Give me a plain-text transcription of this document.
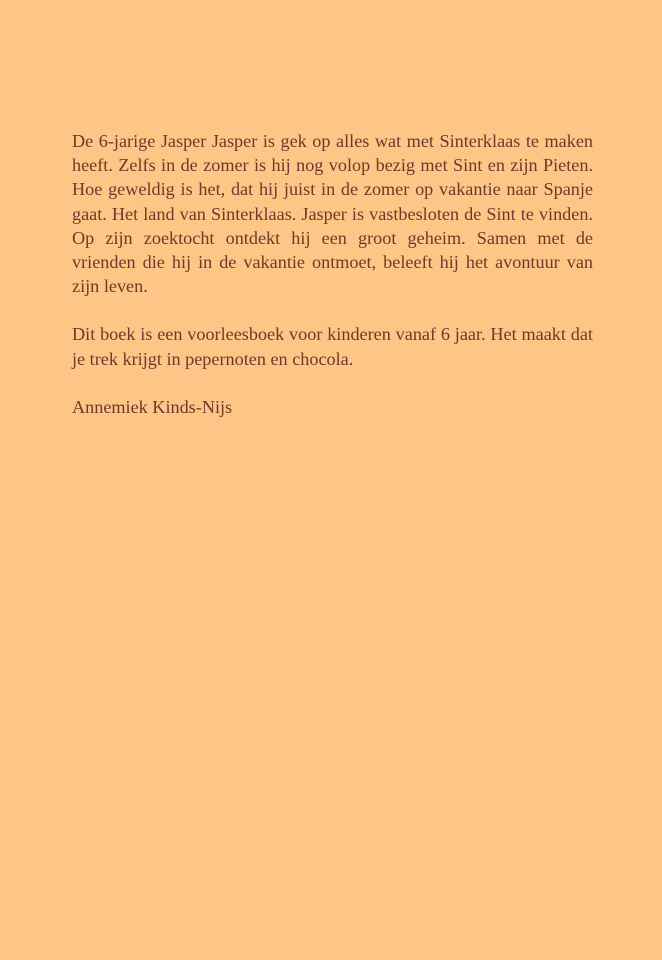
De 6-jarige Jasper Jasper is gek op alles wat met Sinterklaas te maken heeft. Zelfs in de zomer is hij nog volop bezig met Sint en zijn Pieten. Hoe geweldig is het, dat hij juist in de zomer op vakantie naar Spanje gaat. Het land van Sinterklaas. Jasper is vastbesloten de Sint te vinden. Op zijn zoektocht ontdekt hij een groot geheim. Samen met de vrienden die hij in de vakantie ontmoet, beleeft hij het avontuur van zijn leven.

Dit boek is een voorleesboek voor kinderen vanaf 6 jaar. Het maakt dat je trek krijgt in pepernoten en chocola.

Annemiek Kinds-Nijs
